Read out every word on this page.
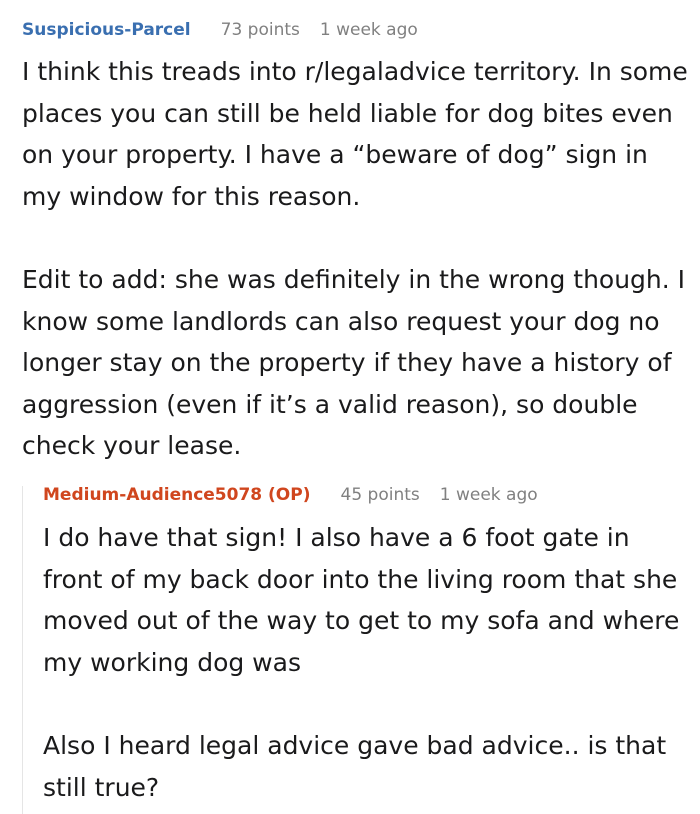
Suspicious-Parcel 73 points 1 week ago

I think this treads into r/legaladvice territory. In some places you can still be held liable for dog bites even on your property. I have a “beware of dog” sign in my window for this reason.

Edit to add: she was definitely in the wrong though. I know some landlords can also request your dog no longer stay on the property if they have a history of aggression (even if it’s a valid reason), so double check your lease.

Medium-Audience5078 (OP) 45 points 1 week ago

I do have that sign! I also have a 6 foot gate in front of my back door into the living room that she moved out of the way to get to my sofa and where my working dog was

Also I heard legal advice gave bad advice.. is that still true?
